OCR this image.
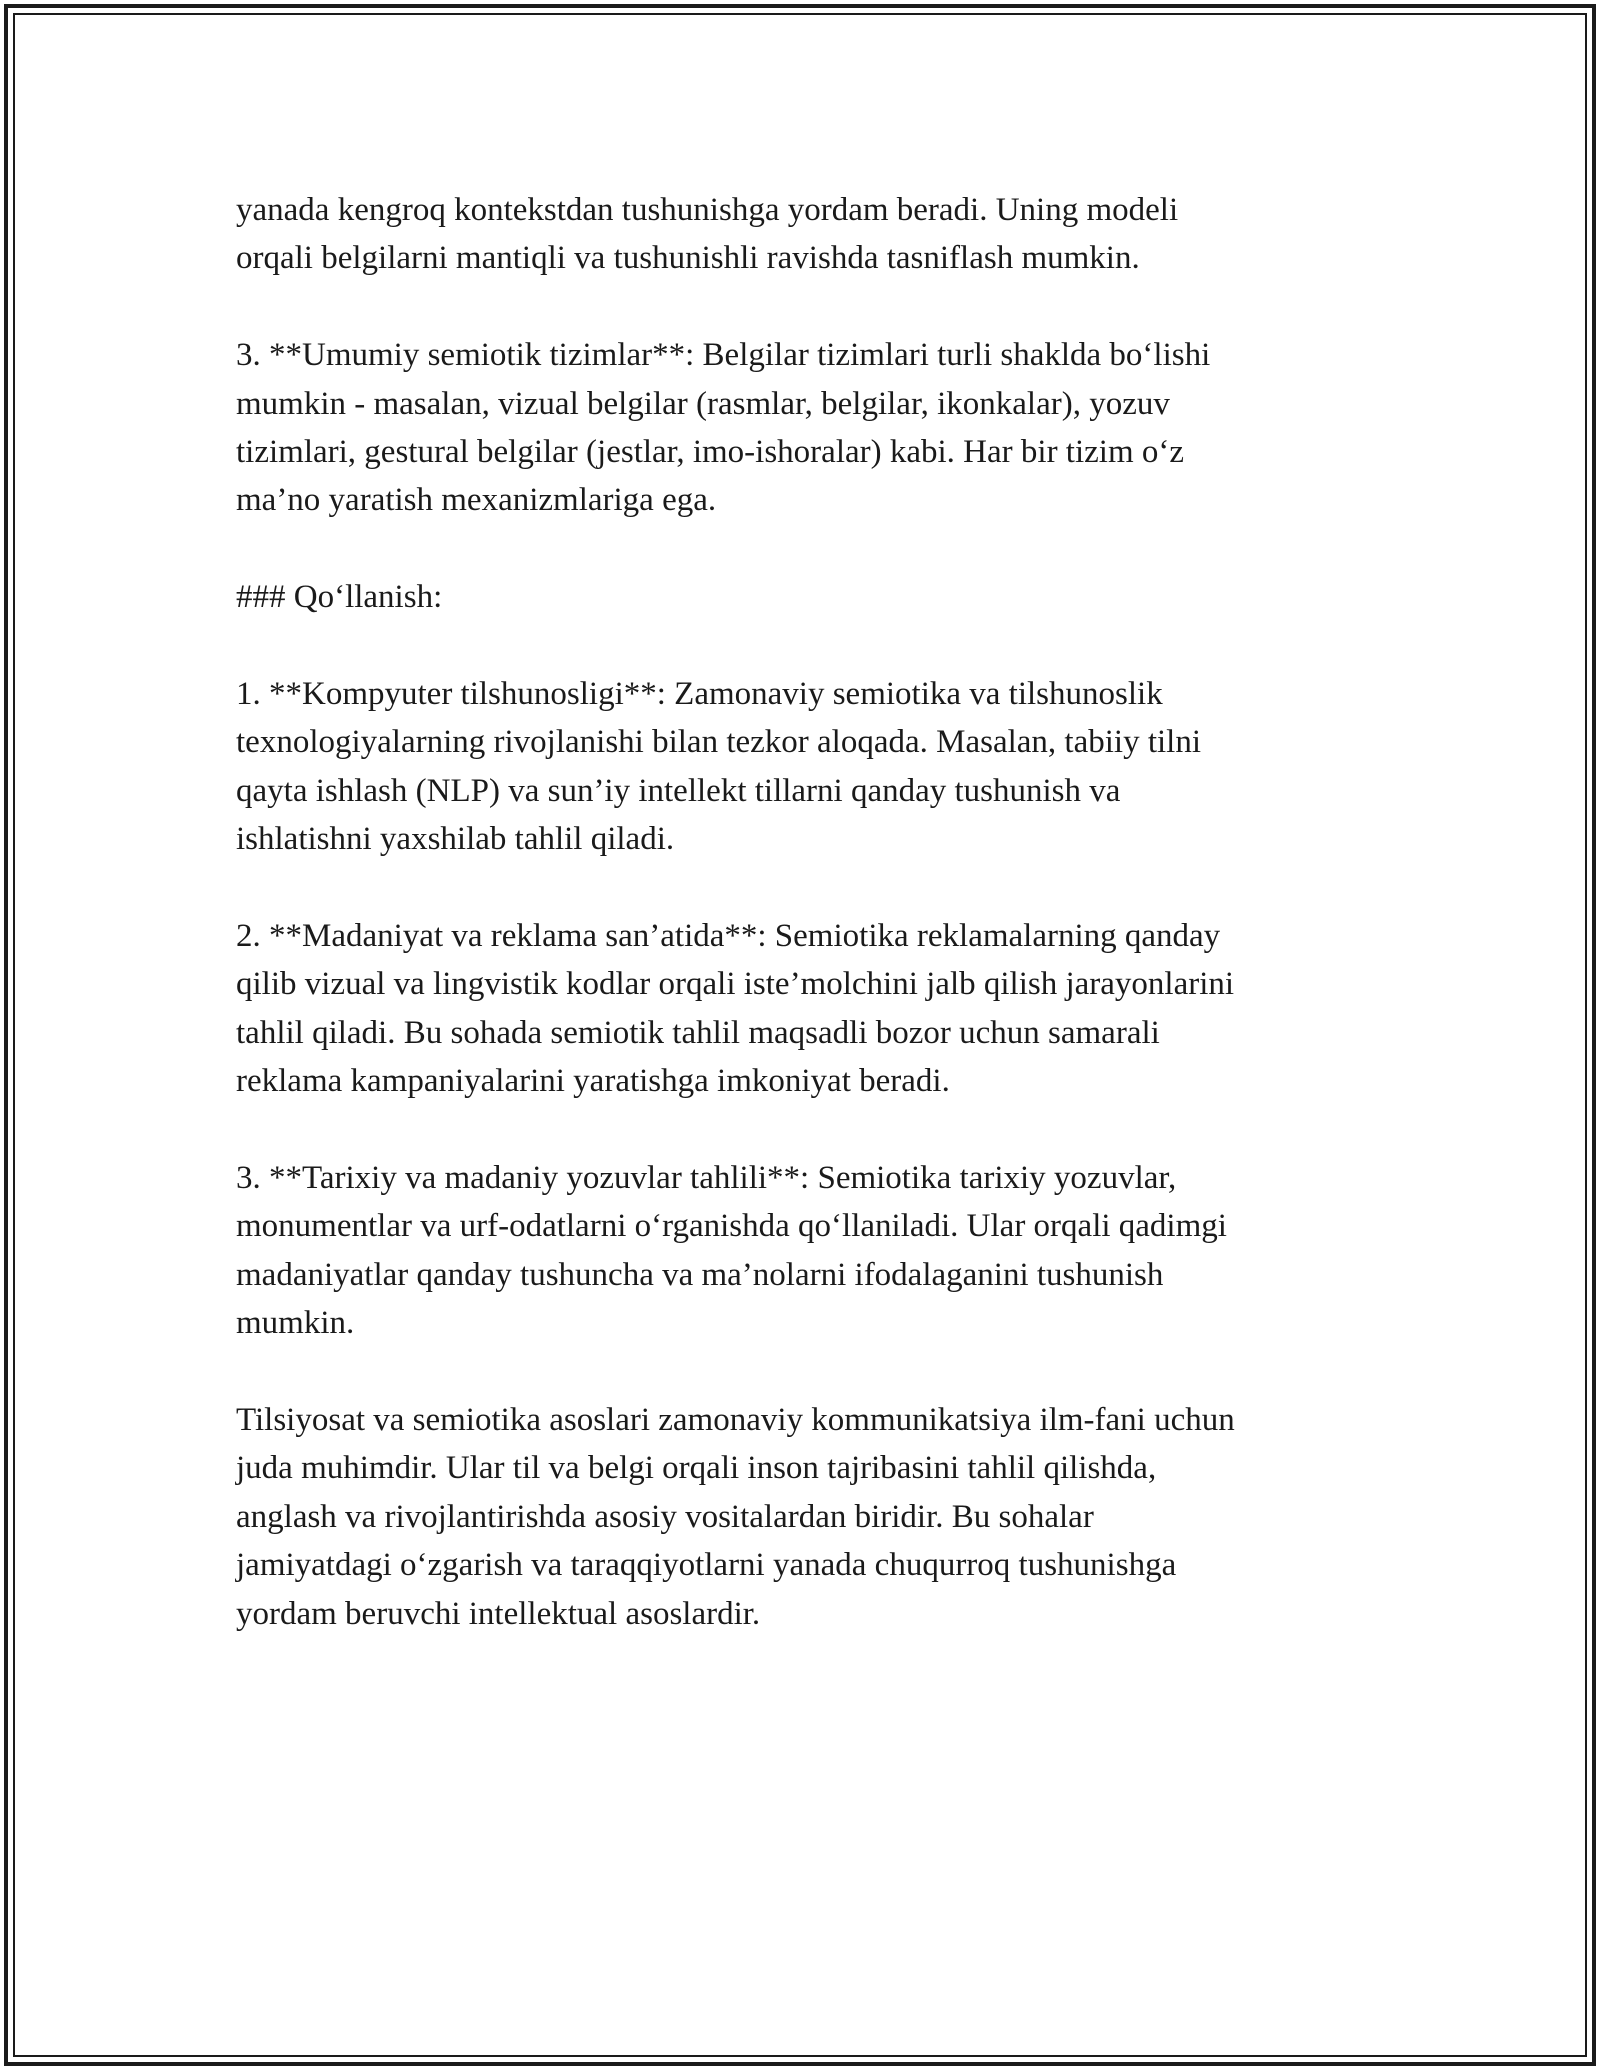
yanada kengroq kontekstdan tushunishga yordam beradi. Uning modeli
orqali belgilarni mantiqli va tushunishli ravishda tasniflash mumkin.

3. **Umumiy semiotik tizimlar**: Belgilar tizimlari turli shaklda bo‘lishi
mumkin - masalan, vizual belgilar (rasmlar, belgilar, ikonkalar), yozuv
tizimlari, gestural belgilar (jestlar, imo-ishoralar) kabi. Har bir tizim o‘z
ma’no yaratish mexanizmlariga ega.

### Qo‘llanish:

1. **Kompyuter tilshunosligi**: Zamonaviy semiotika va tilshunoslik
texnologiyalarning rivojlanishi bilan tezkor aloqada. Masalan, tabiiy tilni
qayta ishlash (NLP) va sun’iy intellekt tillarni qanday tushunish va
ishlatishni yaxshilab tahlil qiladi.

2. **Madaniyat va reklama san’atida**: Semiotika reklamalarning qanday
qilib vizual va lingvistik kodlar orqali iste’molchini jalb qilish jarayonlarini
tahlil qiladi. Bu sohada semiotik tahlil maqsadli bozor uchun samarali
reklama kampaniyalarini yaratishga imkoniyat beradi.

3. **Tarixiy va madaniy yozuvlar tahlili**: Semiotika tarixiy yozuvlar,
monumentlar va urf-odatlarni o‘rganishda qo‘llaniladi. Ular orqali qadimgi
madaniyatlar qanday tushuncha va ma’nolarni ifodalaganini tushunish
mumkin.

Tilsiyosat va semiotika asoslari zamonaviy kommunikatsiya ilm-fani uchun
juda muhimdir. Ular til va belgi orqali inson tajribasini tahlil qilishda,
anglash va rivojlantirishda asosiy vositalardan biridir. Bu sohalar
jamiyatdagi o‘zgarish va taraqqiyotlarni yanada chuqurroq tushunishga
yordam beruvchi intellektual asoslardir.
